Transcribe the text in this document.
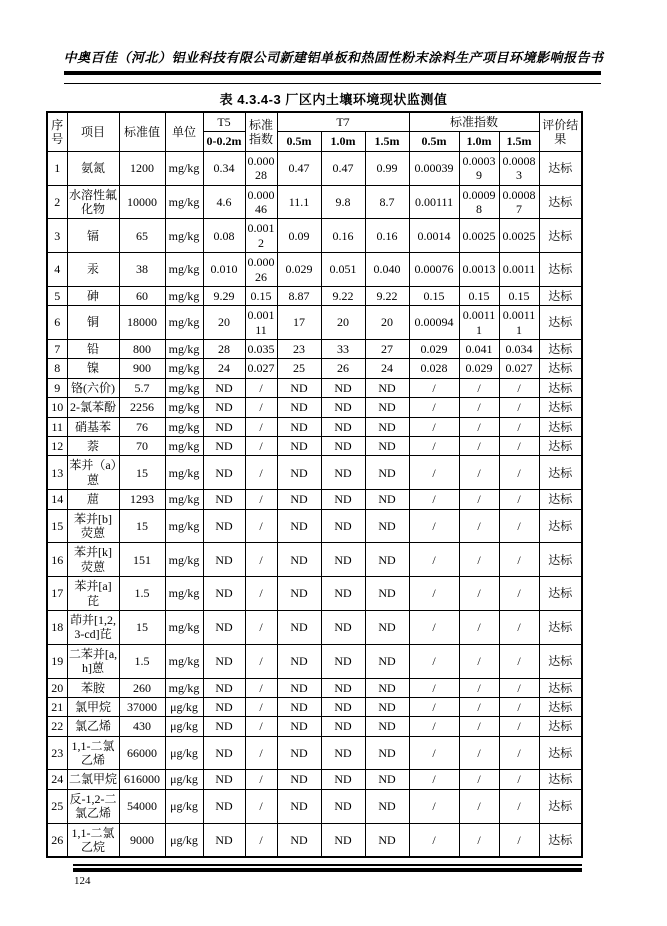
中奥百佳（河北）铝业科技有限公司新建铝单板和热固性粉末涂料生产项目环境影响报告书
表 4.3.4-3 厂区内土壤环境现状监测值
序号	项目	标准值	单位	T5	标准指数	T7			标准指数			评价结果
				0-0.2m		0.5m	1.0m	1.5m	0.5m	1.0m	1.5m	
1	氨氮	1200	mg/kg	0.34	0.00028	0.47	0.47	0.99	0.00039	0.00039	0.00083	达标
2	水溶性氟化物	10000	mg/kg	4.6	0.00046	11.1	9.8	8.7	0.00111	0.00098	0.00087	达标
3	镉	65	mg/kg	0.08	0.0012	0.09	0.16	0.16	0.0014	0.0025	0.0025	达标
4	汞	38	mg/kg	0.010	0.00026	0.029	0.051	0.040	0.00076	0.0013	0.0011	达标
5	砷	60	mg/kg	9.29	0.15	8.87	9.22	9.22	0.15	0.15	0.15	达标
6	铜	18000	mg/kg	20	0.00111	17	20	20	0.00094	0.00111	0.00111	达标
7	铅	800	mg/kg	28	0.035	23	33	27	0.029	0.041	0.034	达标
8	镍	900	mg/kg	24	0.027	25	26	24	0.028	0.029	0.027	达标
9	铬(六价)	5.7	mg/kg	ND	/	ND	ND	ND	/	/	/	达标
10	2-氯苯酚	2256	mg/kg	ND	/	ND	ND	ND	/	/	/	达标
11	硝基苯	76	mg/kg	ND	/	ND	ND	ND	/	/	/	达标
12	萘	70	mg/kg	ND	/	ND	ND	ND	/	/	/	达标
13	苯并（a）蒽	15	mg/kg	ND	/	ND	ND	ND	/	/	/	达标
14	䓛	1293	mg/kg	ND	/	ND	ND	ND	/	/	/	达标
15	苯并[b]荧蒽	15	mg/kg	ND	/	ND	ND	ND	/	/	/	达标
16	苯并[k]荧蒽	151	mg/kg	ND	/	ND	ND	ND	/	/	/	达标
17	苯并[a]芘	1.5	mg/kg	ND	/	ND	ND	ND	/	/	/	达标
18	茚并[1,2,3-cd]芘	15	mg/kg	ND	/	ND	ND	ND	/	/	/	达标
19	二苯并[a,h]蒽	1.5	mg/kg	ND	/	ND	ND	ND	/	/	/	达标
20	苯胺	260	mg/kg	ND	/	ND	ND	ND	/	/	/	达标
21	氯甲烷	37000	μg/kg	ND	/	ND	ND	ND	/	/	/	达标
22	氯乙烯	430	μg/kg	ND	/	ND	ND	ND	/	/	/	达标
23	1,1-二氯乙烯	66000	μg/kg	ND	/	ND	ND	ND	/	/	/	达标
24	二氯甲烷	616000	μg/kg	ND	/	ND	ND	ND	/	/	/	达标
25	反-1,2-二氯乙烯	54000	μg/kg	ND	/	ND	ND	ND	/	/	/	达标
26	1,1-二氯乙烷	9000	μg/kg	ND	/	ND	ND	ND	/	/	/	达标
124
